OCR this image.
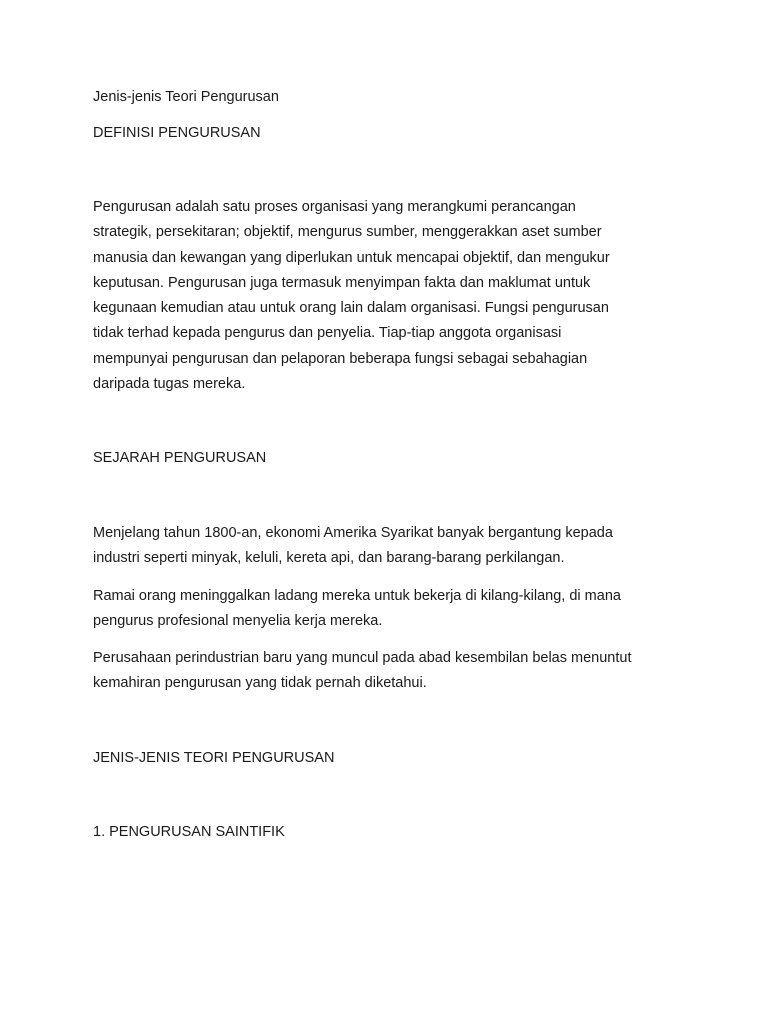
Jenis-jenis Teori Pengurusan
DEFINISI PENGURUSAN
Pengurusan adalah satu proses organisasi yang merangkumi perancangan
strategik, persekitaran; objektif, mengurus sumber, menggerakkan aset sumber
manusia dan kewangan yang diperlukan untuk mencapai objektif, dan mengukur
keputusan. Pengurusan juga termasuk menyimpan fakta dan maklumat untuk
kegunaan kemudian atau untuk orang lain dalam organisasi. Fungsi pengurusan
tidak terhad kepada pengurus dan penyelia. Tiap-tiap anggota organisasi
mempunyai pengurusan dan pelaporan beberapa fungsi sebagai sebahagian
daripada tugas mereka.
SEJARAH PENGURUSAN
Menjelang tahun 1800-an, ekonomi Amerika Syarikat banyak bergantung kepada
industri seperti minyak, keluli, kereta api, dan barang-barang perkilangan.
Ramai orang meninggalkan ladang mereka untuk bekerja di kilang-kilang, di mana
pengurus profesional menyelia kerja mereka.
Perusahaan perindustrian baru yang muncul pada abad kesembilan belas menuntut
kemahiran pengurusan yang tidak pernah diketahui.
JENIS-JENIS TEORI PENGURUSAN
1. PENGURUSAN SAINTIFIK
